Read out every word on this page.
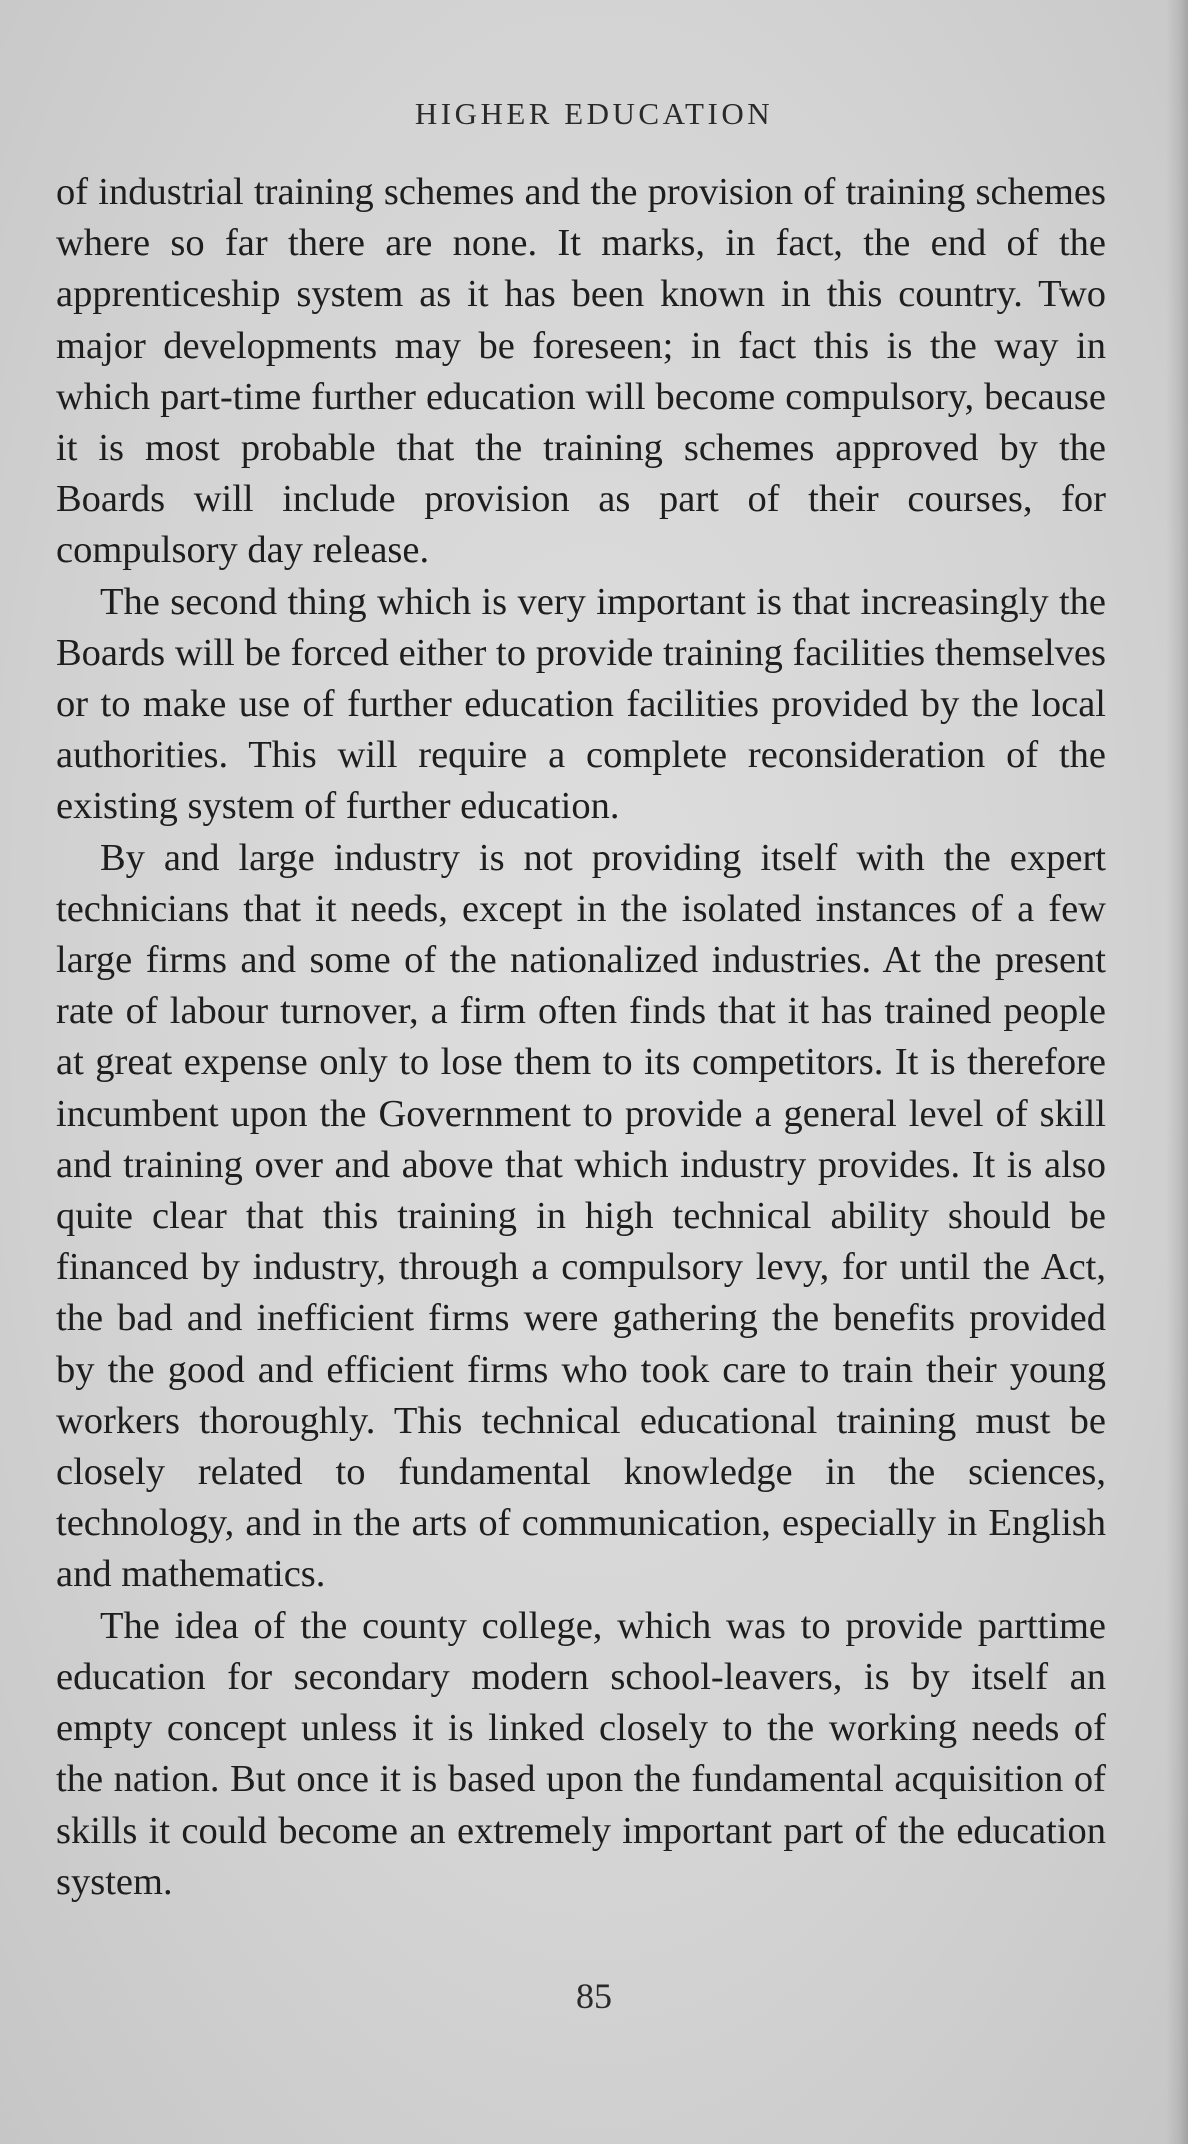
HIGHER EDUCATION

of industrial training schemes and the provision of training schemes where so far there are none. It marks, in fact, the end of the apprenticeship system as it has been known in this country. Two major developments may be foreseen; in fact this is the way in which part-time further education will become compulsory, because it is most probable that the training schemes approved by the Boards will include provision as part of their courses, for compulsory day release.

The second thing which is very important is that increasingly the Boards will be forced either to provide training facilities themselves or to make use of further education facilities provided by the local authorities. This will require a complete reconsideration of the existing system of further education.

By and large industry is not providing itself with the expert technicians that it needs, except in the isolated instances of a few large firms and some of the nationalized industries. At the present rate of labour turnover, a firm often finds that it has trained people at great expense only to lose them to its competitors. It is therefore incumbent upon the Government to provide a general level of skill and training over and above that which industry provides. It is also quite clear that this training in high technical ability should be financed by industry, through a compulsory levy, for until the Act, the bad and inefficient firms were gathering the benefits provided by the good and efficient firms who took care to train their young workers thoroughly. This technical educational training must be closely related to fundamental knowledge in the sciences, technology, and in the arts of communication, especially in English and mathematics.

The idea of the county college, which was to provide parttime education for secondary modern school-leavers, is by itself an empty concept unless it is linked closely to the working needs of the nation. But once it is based upon the fundamental acquisition of skills it could become an extremely important part of the education system.

85
